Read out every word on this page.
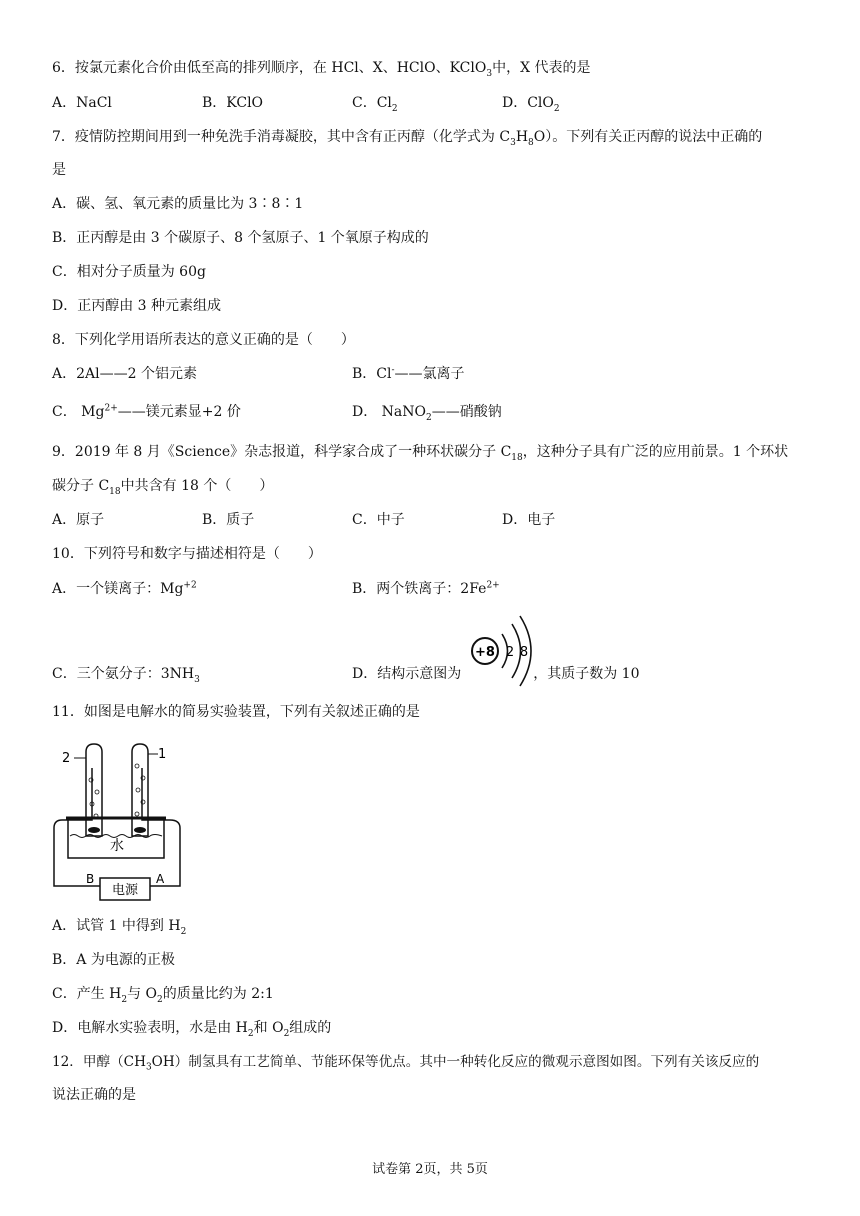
6．按氯元素化合价由低至高的排列顺序，在 HCl、X、HClO、KClO$_3$中，X 代表的是
A．NaCl	B．KClO	C．$Cl_2$	D．ClO$_2$
7．疫情防控期间用到一种免洗手消毒凝胶，其中含有正丙醇（化学式为 $C_3H_8O$）。下列有关正丙醇的说法中正确的
是
A．碳、氢、氧元素的质量比为 3∶8∶1
B．正丙醇是由 3 个碳原子、8 个氢原子、1 个氧原子构成的
C．相对分子质量为 60g
D．正丙醇由 3 种元素组成
8．下列化学用语所表达的意义正确的是（　　）
A．2Al——2 个铝元素	B．Cl-——氯离子
C． $Mg^{2+}——$镁元素显+2 价	D． NaNO$_2$——硝酸钠
9．2019 年 8 月《Science》杂志报道，科学家合成了一种环状碳分子 $C_{18}$，这种分子具有广泛的应用前景。1 个环状
碳分子 $C_{18}$中共含有 18 个（　　）
A．原子	B．质子	C．中子	D．电子
10．下列符号和数字与描述相符是（　　）
A．一个镁离子：$Mg^{+2}$	B．两个铁离子：$2Fe^{2+}$
C．三个氨分子：$3NH_3$	D．结构示意图为	，其质子数为 10
+8 2 8
11．如图是电解水的简易实验装置，下列有关叙述正确的是
2	1
水
电源
B	A
A．试管 1 中得到 $H_2$
B．A 为电源的正极
C．产生 $H_2$与 $O_2$的质量比约为 2:1
D．电解水实验表明，水是由 $H_2$和 $O_2$组成的
12．甲醇$(CH_3OH)$制氢具有工艺简单、节能环保等优点。其中一种转化反应的微观示意图如图。下列有关该反应的
说法正确的是
试卷第 2页，共 5页
